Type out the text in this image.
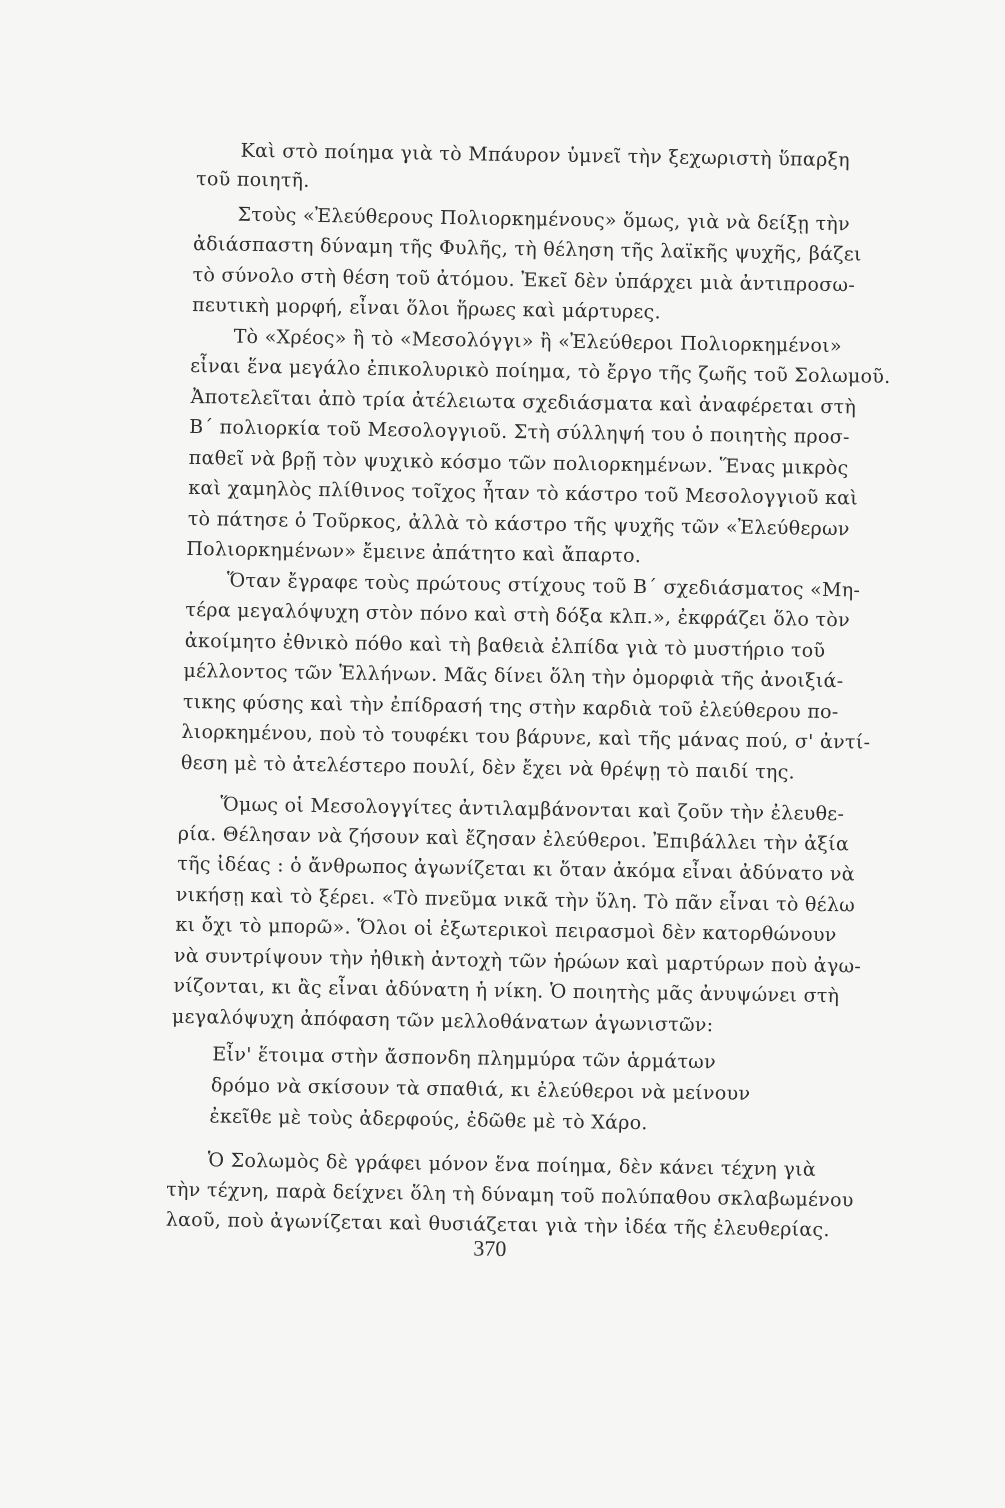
Καὶ στὸ ποίημα γιὰ τὸ Μπάυρον ὑμνεῖ τὴν ξεχωριστὴ ὕπαρξη
τοῦ ποιητῆ.
Στοὺς «Ἐλεύθερους Πολιορκημένους» ὅμως, γιὰ νὰ δείξῃ τὴν
ἀδιάσπαστη δύναμη τῆς Φυλῆς, τὴ θέληση τῆς λαϊκῆς ψυχῆς, βάζει
τὸ σύνολο στὴ θέση τοῦ ἀτόμου. Ἐκεῖ δὲν ὑπάρχει μιὰ ἀντιπροσω-
πευτικὴ μορφή, εἶναι ὅλοι ἥρωες καὶ μάρτυρες.
Τὸ «Χρέος» ἢ τὸ «Μεσολόγγι» ἢ «Ἐλεύθεροι Πολιορκημένοι»
εἶναι ἕνα μεγάλο ἐπικολυρικὸ ποίημα, τὸ ἔργο τῆς ζωῆς τοῦ Σολωμοῦ.
Ἀποτελεῖται ἀπὸ τρία ἀτέλειωτα σχεδιάσματα καὶ ἀναφέρεται στὴ
Β΄ πολιορκία τοῦ Μεσολογγιοῦ. Στὴ σύλληψή του ὁ ποιητὴς προσ-
παθεῖ νὰ βρῇ τὸν ψυχικὸ κόσμο τῶν πολιορκημένων. Ἕνας μικρὸς
καὶ χαμηλὸς πλίθινος τοῖχος ἦταν τὸ κάστρο τοῦ Μεσολογγιοῦ καὶ
τὸ πάτησε ὁ Τοῦρκος, ἀλλὰ τὸ κάστρο τῆς ψυχῆς τῶν «Ἐλεύθερων
Πολιορκημένων» ἔμεινε ἀπάτητο καὶ ἄπαρτο.
Ὅταν ἔγραφε τοὺς πρώτους στίχους τοῦ Β΄ σχεδιάσματος «Μη-
τέρα μεγαλόψυχη στὸν πόνο καὶ στὴ δόξα κλπ.», ἐκφράζει ὅλο τὸν
ἀκοίμητο ἐθνικὸ πόθο καὶ τὴ βαθειὰ ἐλπίδα γιὰ τὸ μυστήριο τοῦ
μέλλοντος τῶν Ἑλλήνων. Μᾶς δίνει ὅλη τὴν ὀμορφιὰ τῆς ἀνοιξιά-
τικης φύσης καὶ τὴν ἐπίδρασή της στὴν καρδιὰ τοῦ ἐλεύθερου πο-
λιορκημένου, ποὺ τὸ τουφέκι του βάρυνε, καὶ τῆς μάνας πού, σ' ἀντί-
θεση μὲ τὸ ἀτελέστερο πουλί, δὲν ἔχει νὰ θρέψῃ τὸ παιδί της.
Ὅμως οἱ Μεσολογγίτες ἀντιλαμβάνονται καὶ ζοῦν τὴν ἐλευθε-
ρία. Θέλησαν νὰ ζήσουν καὶ ἔζησαν ἐλεύθεροι. Ἐπιβάλλει τὴν ἀξία
τῆς ἰδέας : ὁ ἄνθρωπος ἀγωνίζεται κι ὅταν ἀκόμα εἶναι ἀδύνατο νὰ
νικήσῃ καὶ τὸ ξέρει. «Τὸ πνεῦμα νικᾶ τὴν ὕλη. Τὸ πᾶν εἶναι τὸ θέλω
κι ὄχι τὸ μπορῶ». Ὅλοι οἱ ἐξωτερικοὶ πειρασμοὶ δὲν κατορθώνουν
νὰ συντρίψουν τὴν ἠθικὴ ἀντοχὴ τῶν ἡρώων καὶ μαρτύρων ποὺ ἀγω-
νίζονται, κι ἂς εἶναι ἀδύνατη ἡ νίκη. Ὁ ποιητὴς μᾶς ἀνυψώνει στὴ
μεγαλόψυχη ἀπόφαση τῶν μελλοθάνατων ἀγωνιστῶν:
Εἶν' ἕτοιμα στὴν ἄσπονδη πλημμύρα τῶν ἁρμάτων
δρόμο νὰ σκίσουν τὰ σπαθιά, κι ἐλεύθεροι νὰ μείνουν
ἐκεῖθε μὲ τοὺς ἀδερφούς, ἐδῶθε μὲ τὸ Χάρο.
Ὁ Σολωμὸς δὲ γράφει μόνον ἕνα ποίημα, δὲν κάνει τέχνη γιὰ
τὴν τέχνη, παρὰ δείχνει ὅλη τὴ δύναμη τοῦ πολύπαθου σκλαβωμένου
λαοῦ, ποὺ ἀγωνίζεται καὶ θυσιάζεται γιὰ τὴν ἰδέα τῆς ἐλευθερίας.
370
